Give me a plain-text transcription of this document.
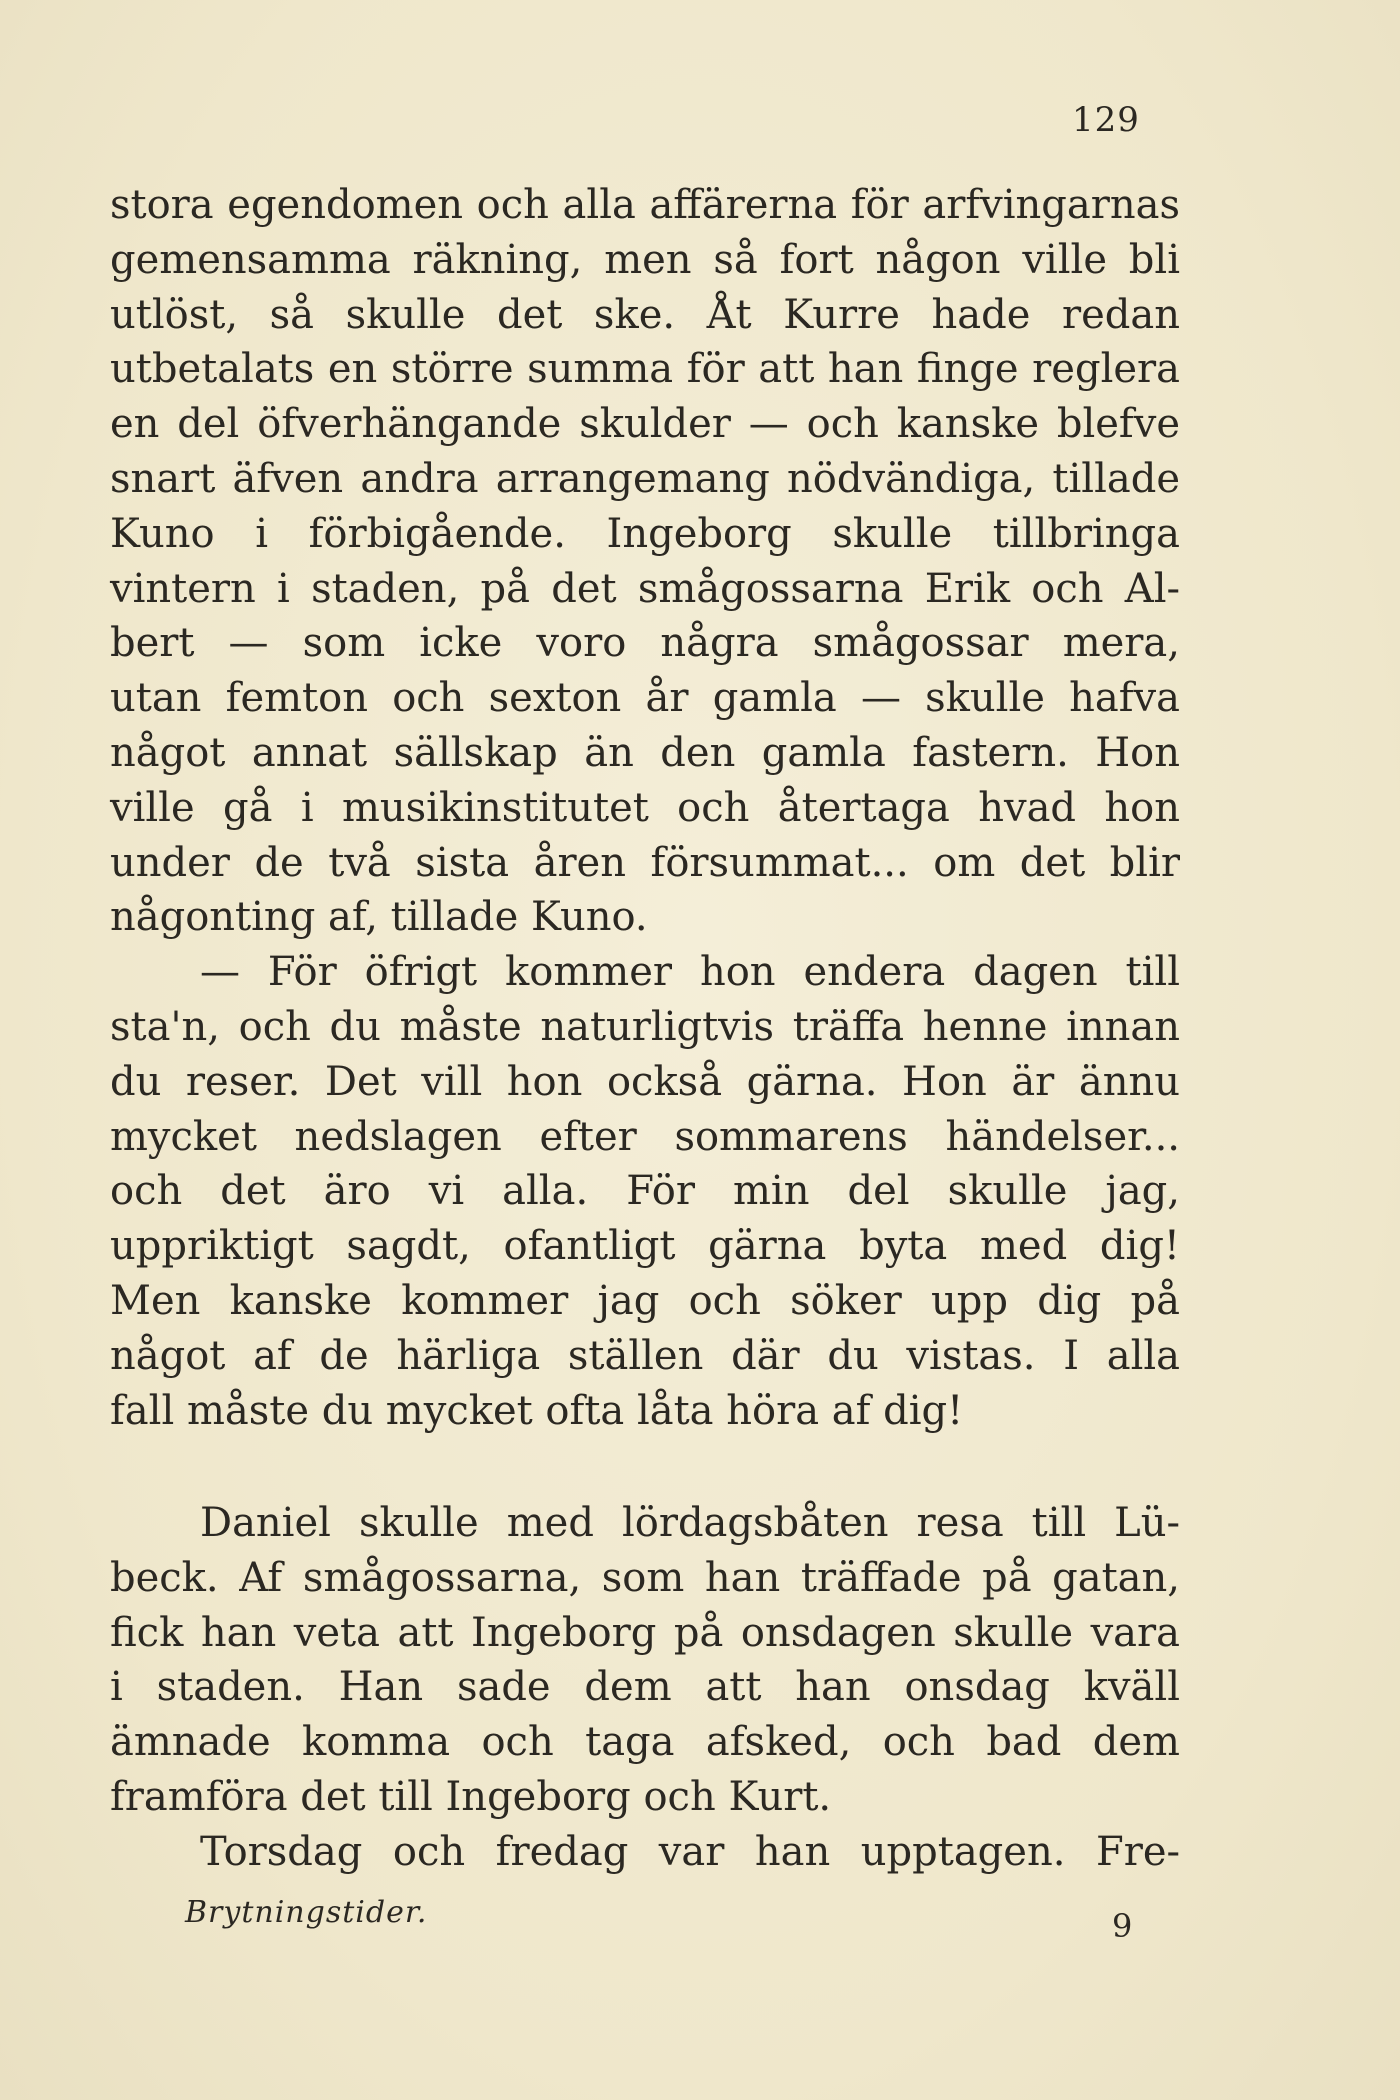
129
stora egendomen och alla affärerna för arfvingarnas
gemensamma räkning, men så fort någon ville bli
utlöst, så skulle det ske. Åt Kurre hade redan
utbetalats en större summa för att han finge reglera
en del öfverhängande skulder — och kanske blefve
snart äfven andra arrangemang nödvändiga, tillade
Kuno i förbigående. Ingeborg skulle tillbringa
vintern i staden, på det smågossarna Erik och Al-
bert — som icke voro några smågossar mera,
utan femton och sexton år gamla — skulle hafva
något annat sällskap än den gamla fastern. Hon
ville gå i musikinstitutet och återtaga hvad hon
under de två sista åren försummat... om det blir
någonting af, tillade Kuno.
— För öfrigt kommer hon endera dagen till
sta'n, och du måste naturligtvis träffa henne innan
du reser. Det vill hon också gärna. Hon är ännu
mycket nedslagen efter sommarens händelser...
och det äro vi alla. För min del skulle jag,
uppriktigt sagdt, ofantligt gärna byta med dig!
Men kanske kommer jag och söker upp dig på
något af de härliga ställen där du vistas. I alla
fall måste du mycket ofta låta höra af dig!
Daniel skulle med lördagsbåten resa till Lü-
beck. Af smågossarna, som han träffade på gatan,
fick han veta att Ingeborg på onsdagen skulle vara
i staden. Han sade dem att han onsdag kväll
ämnade komma och taga afsked, och bad dem
framföra det till Ingeborg och Kurt.
Torsdag och fredag var han upptagen. Fre-
Brytningstider.	9
